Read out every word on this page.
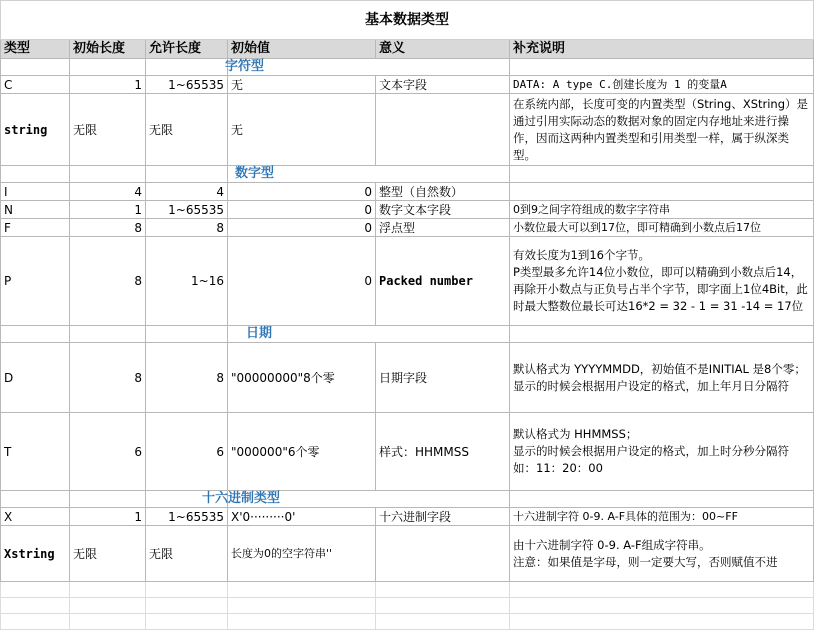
基本数据类型					
类型	初始长度	允许长度	初始值	意义	补充说明
			字符型		
C	1	1~65535	无	文本字段	DATA: A type C.创建长度为 1 的变量A
string	无限	无限	无		在系统内部，长度可变的内置类型（String、XString）是通过引用实际动态的数据对象的固定内存地址来进行操作，因而这两种内置类型和引用类型一样，属于纵深类型。
			数字型		
I	4	4	0	整型（自然数）	
N	1	1~65535	0	数字文本字段	0到9之间字符组成的数字字符串
F	8	8	0	浮点型	小数位最大可以到17位，即可精确到小数点后17位
P	8	1~16	0	Packed number	有效长度为1到16个字节。
P类型最多允许14位小数位，即可以精确到小数点后14，再除开小数点与正负号占半个字节，即字面上1位4Bit，此时最大整数位最长可达16*2 = 32 - 1 = 31 -14 = 17位

			日期		
D	8	8	"00000000"8个零	日期字段	默认格式为 YYYYMMDD，初始值不是INITIAL 是8个零；
显示的时候会根据用户设定的格式，加上年月日分隔符

T	6	6	"000000"6个零	样式：HHMMSS	默认格式为 HHMMSS；
显示的时候会根据用户设定的格式，加上时分秒分隔符
如：11：20：00

			十六进制类型		
X	1	1~65535	X'0·········0'	十六进制字段	十六进制字符 0-9. A-F具体的范围为：00~FF
Xstring	无限	无限	长度为0的空字符串''		由十六进制字符 0-9. A-F组成字符串。
注意：如果值是字母，则一定要大写，否则赋值不进
